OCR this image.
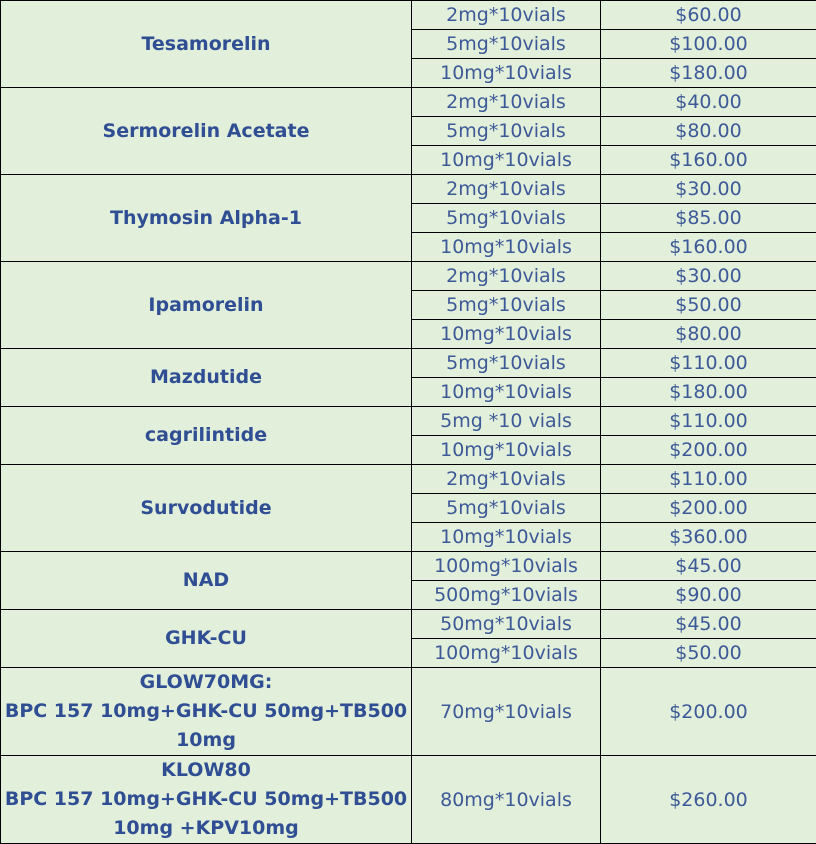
Tesamorelin	2mg*10vials	$60.00
	5mg*10vials	$100.00
	10mg*10vials	$180.00
Sermorelin Acetate	2mg*10vials	$40.00
	5mg*10vials	$80.00
	10mg*10vials	$160.00
Thymosin Alpha-1	2mg*10vials	$30.00
	5mg*10vials	$85.00
	10mg*10vials	$160.00
Ipamorelin	2mg*10vials	$30.00
	5mg*10vials	$50.00
	10mg*10vials	$80.00
Mazdutide	5mg*10vials	$110.00
	10mg*10vials	$180.00
cagrilintide	5mg *10 vials	$110.00
	10mg*10vials	$200.00
Survodutide	2mg*10vials	$110.00
	5mg*10vials	$200.00
	10mg*10vials	$360.00
NAD	100mg*10vials	$45.00
	500mg*10vials	$90.00
GHK-CU	50mg*10vials	$45.00
	100mg*10vials	$50.00

GLOW70MG:
BPC 157 10mg+GHK-CU 50mg+TB500
10mg	70mg*10vials	$200.00

KLOW80
BPC 157 10mg+GHK-CU 50mg+TB500
10mg +KPV10mg	80mg*10vials	$260.00
